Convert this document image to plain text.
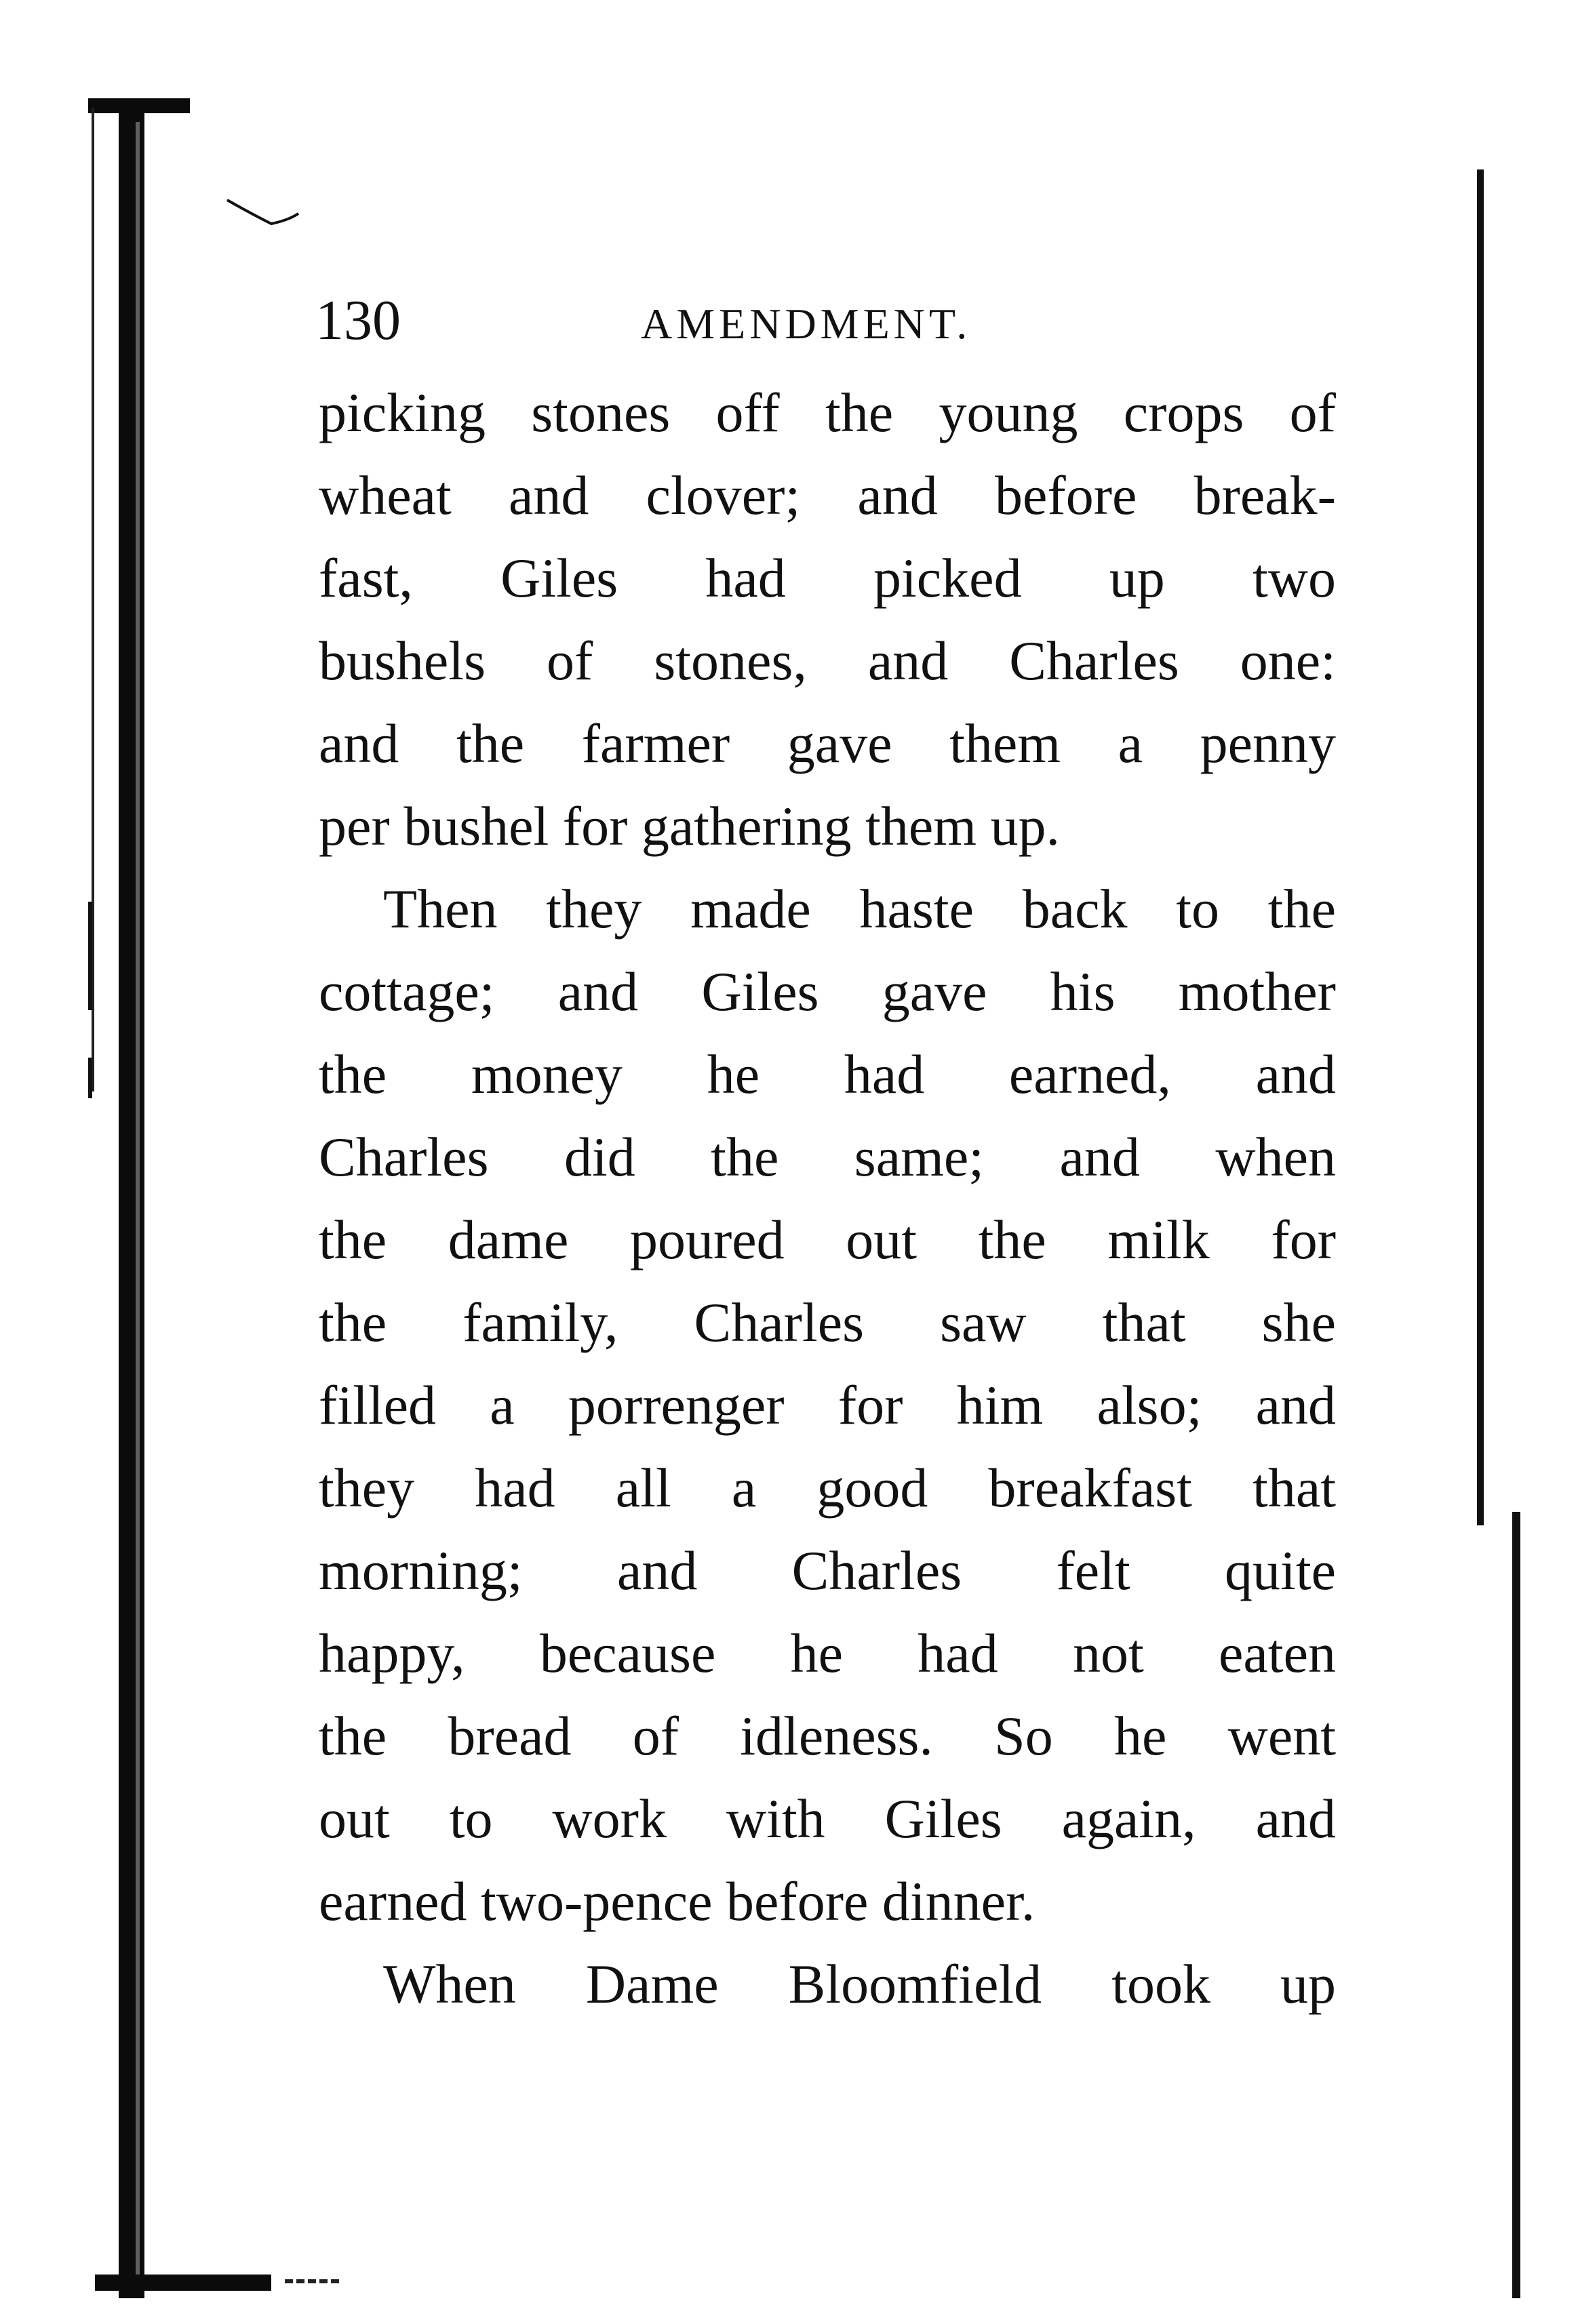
130	AMENDMENT.
picking stones off the young crops of
wheat and clover; and before break-
fast, Giles had picked up two
bushels of stones, and Charles one:
and the farmer gave them a penny
per bushel for gathering them up.
Then they made haste back to the
cottage; and Giles gave his mother
the money he had earned, and
Charles did the same; and when
the dame poured out the milk for
the family, Charles saw that she
filled a porrenger for him also; and
they had all a good breakfast that
morning; and Charles felt quite
happy, because he had not eaten
the bread of idleness. So he went
out to work with Giles again, and
earned two-pence before dinner.
When Dame Bloomfield took up
